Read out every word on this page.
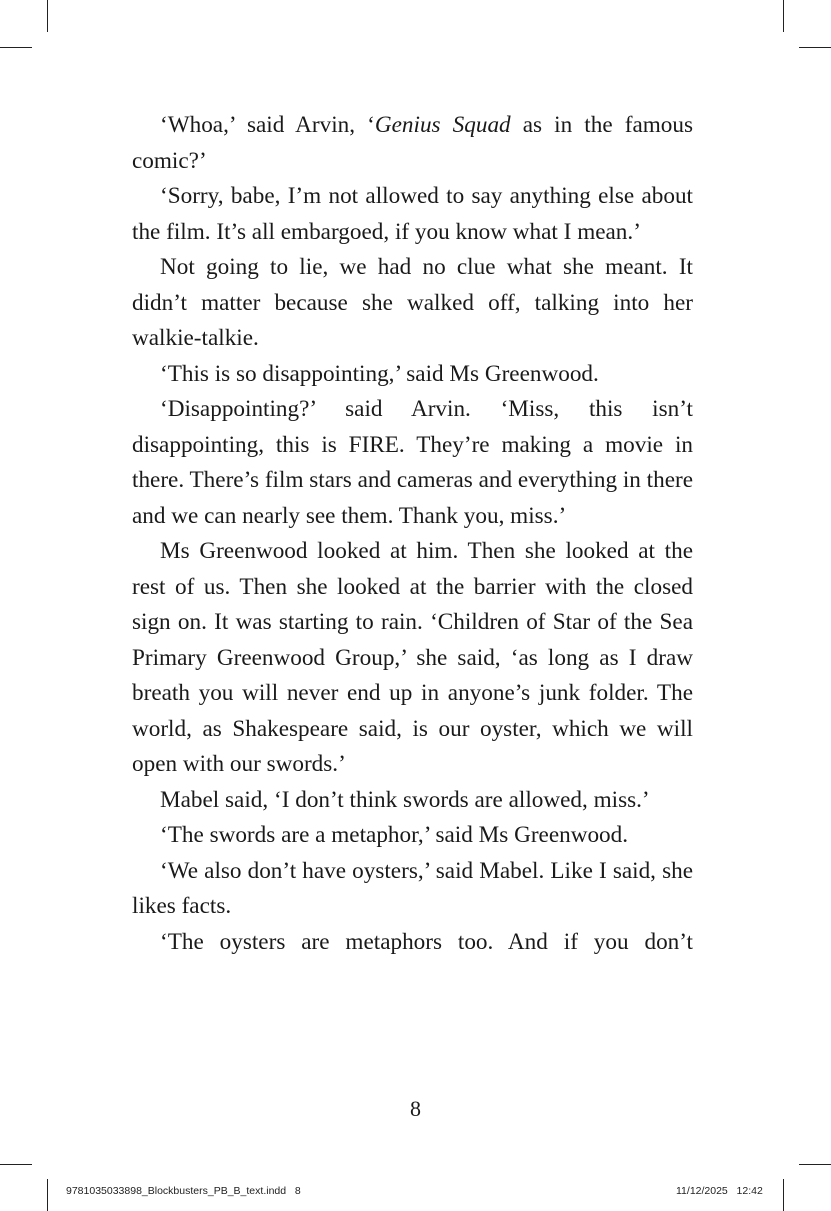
‘Whoa,’ said Arvin, ‘Genius Squad as in the famous comic?’

‘Sorry, babe, I’m not allowed to say anything else about the film. It’s all embargoed, if you know what I mean.’

Not going to lie, we had no clue what she meant. It didn’t matter because she walked off, talking into her walkie-talkie.

‘This is so disappointing,’ said Ms Greenwood.

‘Disappointing?’ said Arvin. ‘Miss, this isn’t disappointing, this is FIRE. They’re making a movie in there. There’s film stars and cameras and everything in there and we can nearly see them. Thank you, miss.’

Ms Greenwood looked at him. Then she looked at the rest of us. Then she looked at the barrier with the closed sign on. It was starting to rain. ‘Children of Star of the Sea Primary Greenwood Group,’ she said, ‘as long as I draw breath you will never end up in anyone’s junk folder. The world, as Shakespeare said, is our oyster, which we will open with our swords.’

Mabel said, ‘I don’t think swords are allowed, miss.’

‘The swords are a metaphor,’ said Ms Greenwood.

‘We also don’t have oysters,’ said Mabel. Like I said, she likes facts.

‘The oysters are metaphors too. And if you don’t

8
9781035033898_Blockbusters_PB_B_text.indd   8	11/12/2025   12:42
